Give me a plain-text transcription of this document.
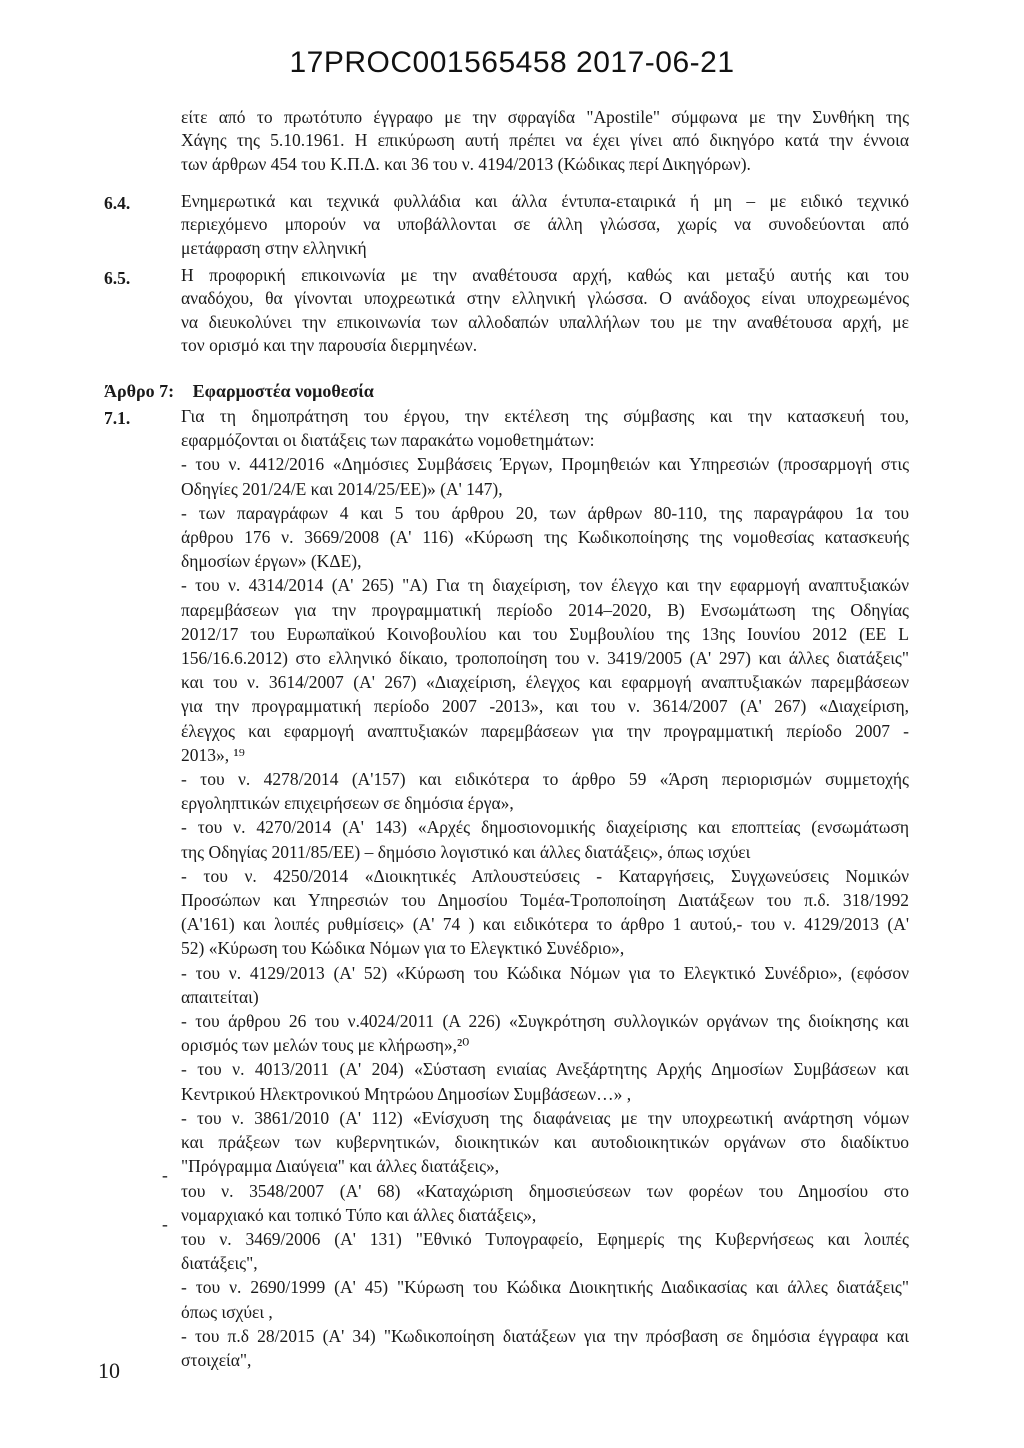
17PROC001565458 2017-06-21
είτε από το πρωτότυπο έγγραφο με την σφραγίδα "Apostile" σύμφωνα με την Συνθήκη της
Χάγης της 5.10.1961. Η επικύρωση αυτή πρέπει να έχει γίνει από δικηγόρο κατά την έννοια
των άρθρων 454 του Κ.Π.Δ. και 36 του ν. 4194/2013 (Κώδικας περί Δικηγόρων).
6.4.	Ενημερωτικά και τεχνικά φυλλάδια και άλλα έντυπα-εταιρικά ή μη – με ειδικό τεχνικό
περιεχόμενο μπορούν να υποβάλλονται σε άλλη γλώσσα, χωρίς να συνοδεύονται από
μετάφραση στην ελληνική
6.5.	Η προφορική επικοινωνία με την αναθέτουσα αρχή, καθώς και μεταξύ αυτής και του
αναδόχου, θα γίνονται υποχρεωτικά στην ελληνική γλώσσα. Ο ανάδοχος είναι υποχρεωμένος
να διευκολύνει την επικοινωνία των αλλοδαπών υπαλλήλων του με την αναθέτουσα αρχή, με
τον ορισμό και την παρουσία διερμηνέων.
Άρθρο 7: Εφαρμοστέα νομοθεσία
7.1.	Για τη δημοπράτηση του έργου, την εκτέλεση της σύμβασης και την κατασκευή του,
εφαρμόζονται οι διατάξεις των παρακάτω νομοθετημάτων:
- του ν. 4412/2016 «Δημόσιες Συμβάσεις Έργων, Προμηθειών και Υπηρεσιών (προσαρμογή στις
Οδηγίες 201/24/Ε και 2014/25/ΕΕ)» (Α' 147),
- των παραγράφων 4 και 5 του άρθρου 20, των άρθρων 80-110, της παραγράφου 1α του
άρθρου 176 ν. 3669/2008 (Α' 116) «Κύρωση της Κωδικοποίησης της νομοθεσίας κατασκευής
δημοσίων έργων» (ΚΔΕ),
- του ν. 4314/2014 (Α' 265) "Α) Για τη διαχείριση, τον έλεγχο και την εφαρμογή αναπτυξιακών
παρεμβάσεων για την προγραμματική περίοδο 2014–2020, Β) Ενσωμάτωση της Οδηγίας
2012/17 του Ευρωπαϊκού Κοινοβουλίου και του Συμβουλίου της 13ης Ιουνίου 2012 (ΕΕ L
156/16.6.2012) στο ελληνικό δίκαιο, τροποποίηση του ν. 3419/2005 (Α' 297) και άλλες διατάξεις"
και του ν. 3614/2007 (Α' 267) «Διαχείριση, έλεγχος και εφαρμογή αναπτυξιακών παρεμβάσεων
για την προγραμματική περίοδο 2007 -2013», και του ν. 3614/2007 (Α' 267) «Διαχείριση,
έλεγχος και εφαρμογή αναπτυξιακών παρεμβάσεων για την προγραμματική περίοδο 2007 -
2013», ¹⁹
- του ν. 4278/2014 (Α'157) και ειδικότερα το άρθρο 59 «Άρση περιορισμών συμμετοχής
εργοληπτικών επιχειρήσεων σε δημόσια έργα»,
- του ν. 4270/2014 (Α' 143) «Αρχές δημοσιονομικής διαχείρισης και εποπτείας (ενσωμάτωση
της Οδηγίας 2011/85/ΕΕ) – δημόσιο λογιστικό και άλλες διατάξεις», όπως ισχύει
- του ν. 4250/2014 «Διοικητικές Απλουστεύσεις - Καταργήσεις, Συγχωνεύσεις Νομικών
Προσώπων και Υπηρεσιών του Δημοσίου Τομέα-Τροποποίηση Διατάξεων του π.δ. 318/1992
(Α'161) και λοιπές ρυθμίσεις» (Α' 74 ) και ειδικότερα το άρθρο 1 αυτού,- του ν. 4129/2013 (Α'
52) «Κύρωση του Κώδικα Νόμων για το Ελεγκτικό Συνέδριο»,
- του ν. 4129/2013 (Α' 52) «Κύρωση του Κώδικα Νόμων για το Ελεγκτικό Συνέδριο», (εφόσον
απαιτείται)
- του άρθρου 26 του ν.4024/2011 (Α 226) «Συγκρότηση συλλογικών οργάνων της διοίκησης και
ορισμός των μελών τους με κλήρωση»,²⁰
- του ν. 4013/2011 (Α' 204) «Σύσταση ενιαίας Ανεξάρτητης Αρχής Δημοσίων Συμβάσεων και
Κεντρικού Ηλεκτρονικού Μητρώου Δημοσίων Συμβάσεων…» ,
- του ν. 3861/2010 (Α' 112) «Ενίσχυση της διαφάνειας με την υποχρεωτική ανάρτηση νόμων
και πράξεων των κυβερνητικών, διοικητικών και αυτοδιοικητικών οργάνων στο διαδίκτυο
"Πρόγραμμα Διαύγεια" και άλλες διατάξεις»,
του ν. 3548/2007 (Α' 68) «Καταχώριση δημοσιεύσεων των φορέων του Δημοσίου στο
νομαρχιακό και τοπικό Τύπο και άλλες διατάξεις»,
του ν. 3469/2006 (Α' 131) "Εθνικό Τυπογραφείο, Εφημερίς της Κυβερνήσεως και λοιπές
διατάξεις",
- του ν. 2690/1999 (Α' 45) "Κύρωση του Κώδικα Διοικητικής Διαδικασίας και άλλες διατάξεις"
όπως ισχύει ,
- του π.δ 28/2015 (Α' 34) "Κωδικοποίηση διατάξεων για την πρόσβαση σε δημόσια έγγραφα και
στοιχεία",
-
-
10
